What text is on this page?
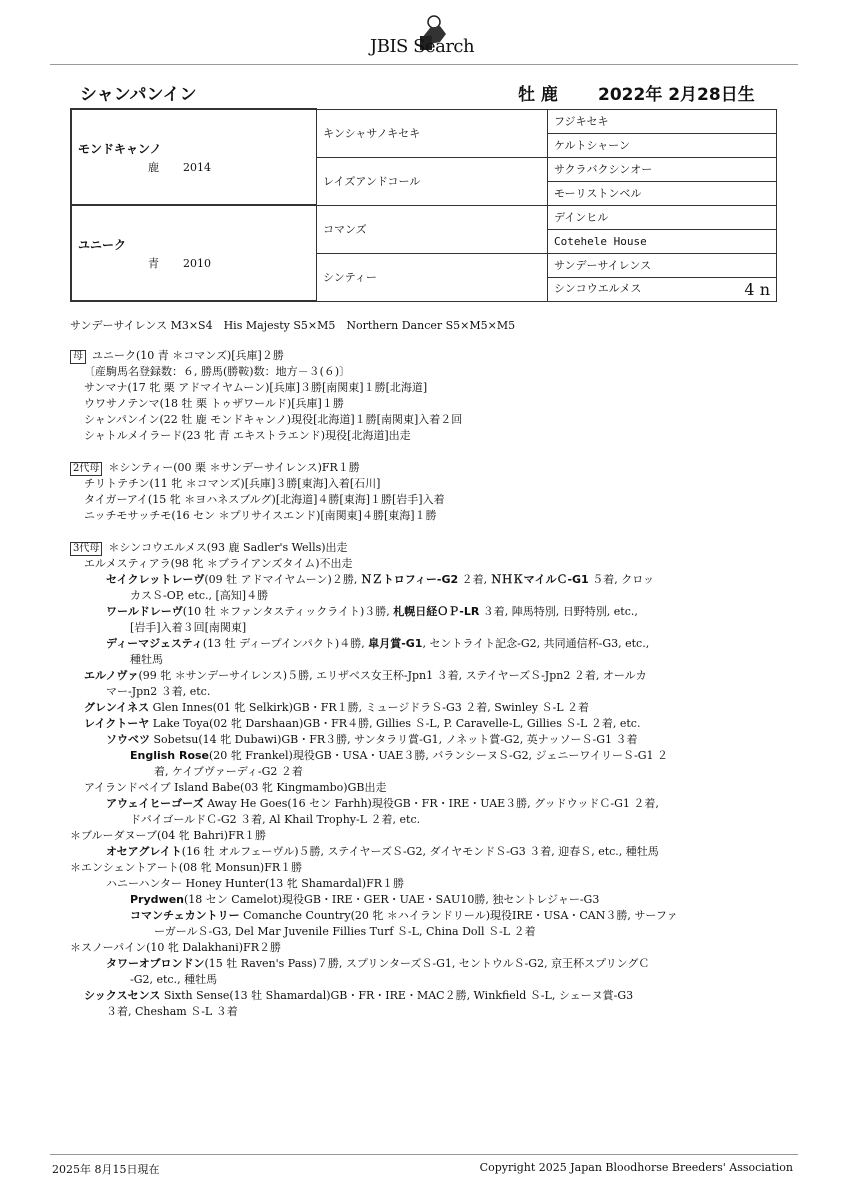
JBIS Search
シャンパンイン	牡 鹿 2022年 2月28日生
モンドキャンノ
鹿 2014	キンシャサノキセキ	フジキセキ
		ケルトシャーン
	レイズアンドコール	サクラバクシンオー
		モーリストンベル

ユニーク
青 2010	コマンズ	デインヒル
		Cotehele House
	シンティー	サンデーサイレンス
		シンコウエルメス 4 n
サンデーサイレンス M3×S4　His Majesty S5×M5　Northern Dancer S5×M5×M5
母 ユニーク(10 青 ＊コマンズ)[兵庫]２勝
〔産駒馬名登録数：６, 勝馬(勝鞍)数：地方－３(６)〕
サンマナ(17 牝 栗 アドマイヤムーン)[兵庫]３勝[南関東]１勝[北海道]
ウワサノテンマ(18 牡 栗 トゥザワールド)[兵庫]１勝
シャンパンイン(22 牡 鹿 モンドキャンノ)現役[北海道]１勝[南関東]入着２回
シャトルメイラード(23 牝 青 エキストラエンド)現役[北海道]出走
2代母 ＊シンティー(00 栗 ＊サンデーサイレンス)FR１勝
チリトテチン(11 牝 ＊コマンズ)[兵庫]３勝[東海]入着[石川]
タイガーアイ(15 牝 ＊ヨハネスブルグ)[北海道]４勝[東海]１勝[岩手]入着
ニッチモサッチモ(16 セン ＊プリサイスエンド)[南関東]４勝[東海]１勝
3代母 ＊シンコウエルメス(93 鹿 Sadler's Wells)出走
エルメスティアラ(98 牝 ＊ブライアンズタイム)不出走
セイクレットレーヴ(09 牡 アドマイヤムーン)２勝, ＮＺトロフィー-G2 ２着, ＮＨＫマイルＣ-G1 ５着, クロッ
カスＳ-OP, etc., [高知]４勝
ワールドレーヴ(10 牡 ＊ファンタスティックライト)３勝, 札幌日経ＯＰ-LR ３着, 陣馬特別, 日野特別, etc.,
[岩手]入着３回[南関東]
ディーマジェスティ(13 牡 ディープインパクト)４勝, 皐月賞-G1, セントライト記念-G2, 共同通信杯-G3, etc.,
種牡馬
エルノヴァ(99 牝 ＊サンデーサイレンス)５勝, エリザベス女王杯-Jpn1 ３着, ステイヤーズＳ-Jpn2 ２着, オールカ
マー-Jpn2 ３着, etc.
グレンイネス Glen Innes(01 牝 Selkirk)GB・FR１勝, ミュージドラＳ-G3 ２着, Swinley Ｓ-L ２着
レイクトーヤ Lake Toya(02 牝 Darshaan)GB・FR４勝, Gillies Ｓ-L, P. Caravelle-L, Gillies Ｓ-L ２着, etc.
ソウベツ Sobetsu(14 牝 Dubawi)GB・FR３勝, サンタラリ賞-G1, ノネット賞-G2, 英ナッソーＳ-G1 ３着
English Rose(20 牝 Frankel)現役GB・USA・UAE３勝, バランシーヌＳ-G2, ジェニーワイリーＳ-G1 ２
着, ケイブヴァーディ-G2 ２着
アイランドベイブ Island Babe(03 牝 Kingmambo)GB出走
アウェイヒーゴーズ Away He Goes(16 セン Farhh)現役GB・FR・IRE・UAE３勝, グッドウッドＣ-G1 ２着,
ドバイゴールドＣ-G2 ３着, Al Khail Trophy-L ２着, etc.
＊ブルーダヌーブ(04 牝 Bahri)FR１勝
オセアグレイト(16 牡 オルフェーヴル)５勝, ステイヤーズＳ-G2, ダイヤモンドＳ-G3 ３着, 迎春Ｓ, etc., 種牡馬
＊エンシェントアート(08 牝 Monsun)FR１勝
ハニーハンター Honey Hunter(13 牝 Shamardal)FR１勝
Prydwen(18 セン Camelot)現役GB・IRE・GER・UAE・SAU10勝, 独セントレジャー-G3
コマンチェカントリー Comanche Country(20 牝 ＊ハイランドリール)現役IRE・USA・CAN３勝, サーファ
ーガールＳ-G3, Del Mar Juvenile Fillies Turf Ｓ-L, China Doll Ｓ-L ２着
＊スノーパイン(10 牝 Dalakhani)FR２勝
タワーオブロンドン(15 牡 Raven's Pass)７勝, スプリンターズＳ-G1, セントウルＳ-G2, 京王杯スプリングＣ
-G2, etc., 種牡馬
シックスセンス Sixth Sense(13 牡 Shamardal)GB・FR・IRE・MAC２勝, Winkfield Ｓ-L, シェーヌ賞-G3
３着, Chesham Ｓ-L ３着
2025年 8月15日現在	Copyright 2025 Japan Bloodhorse Breeders' Association
